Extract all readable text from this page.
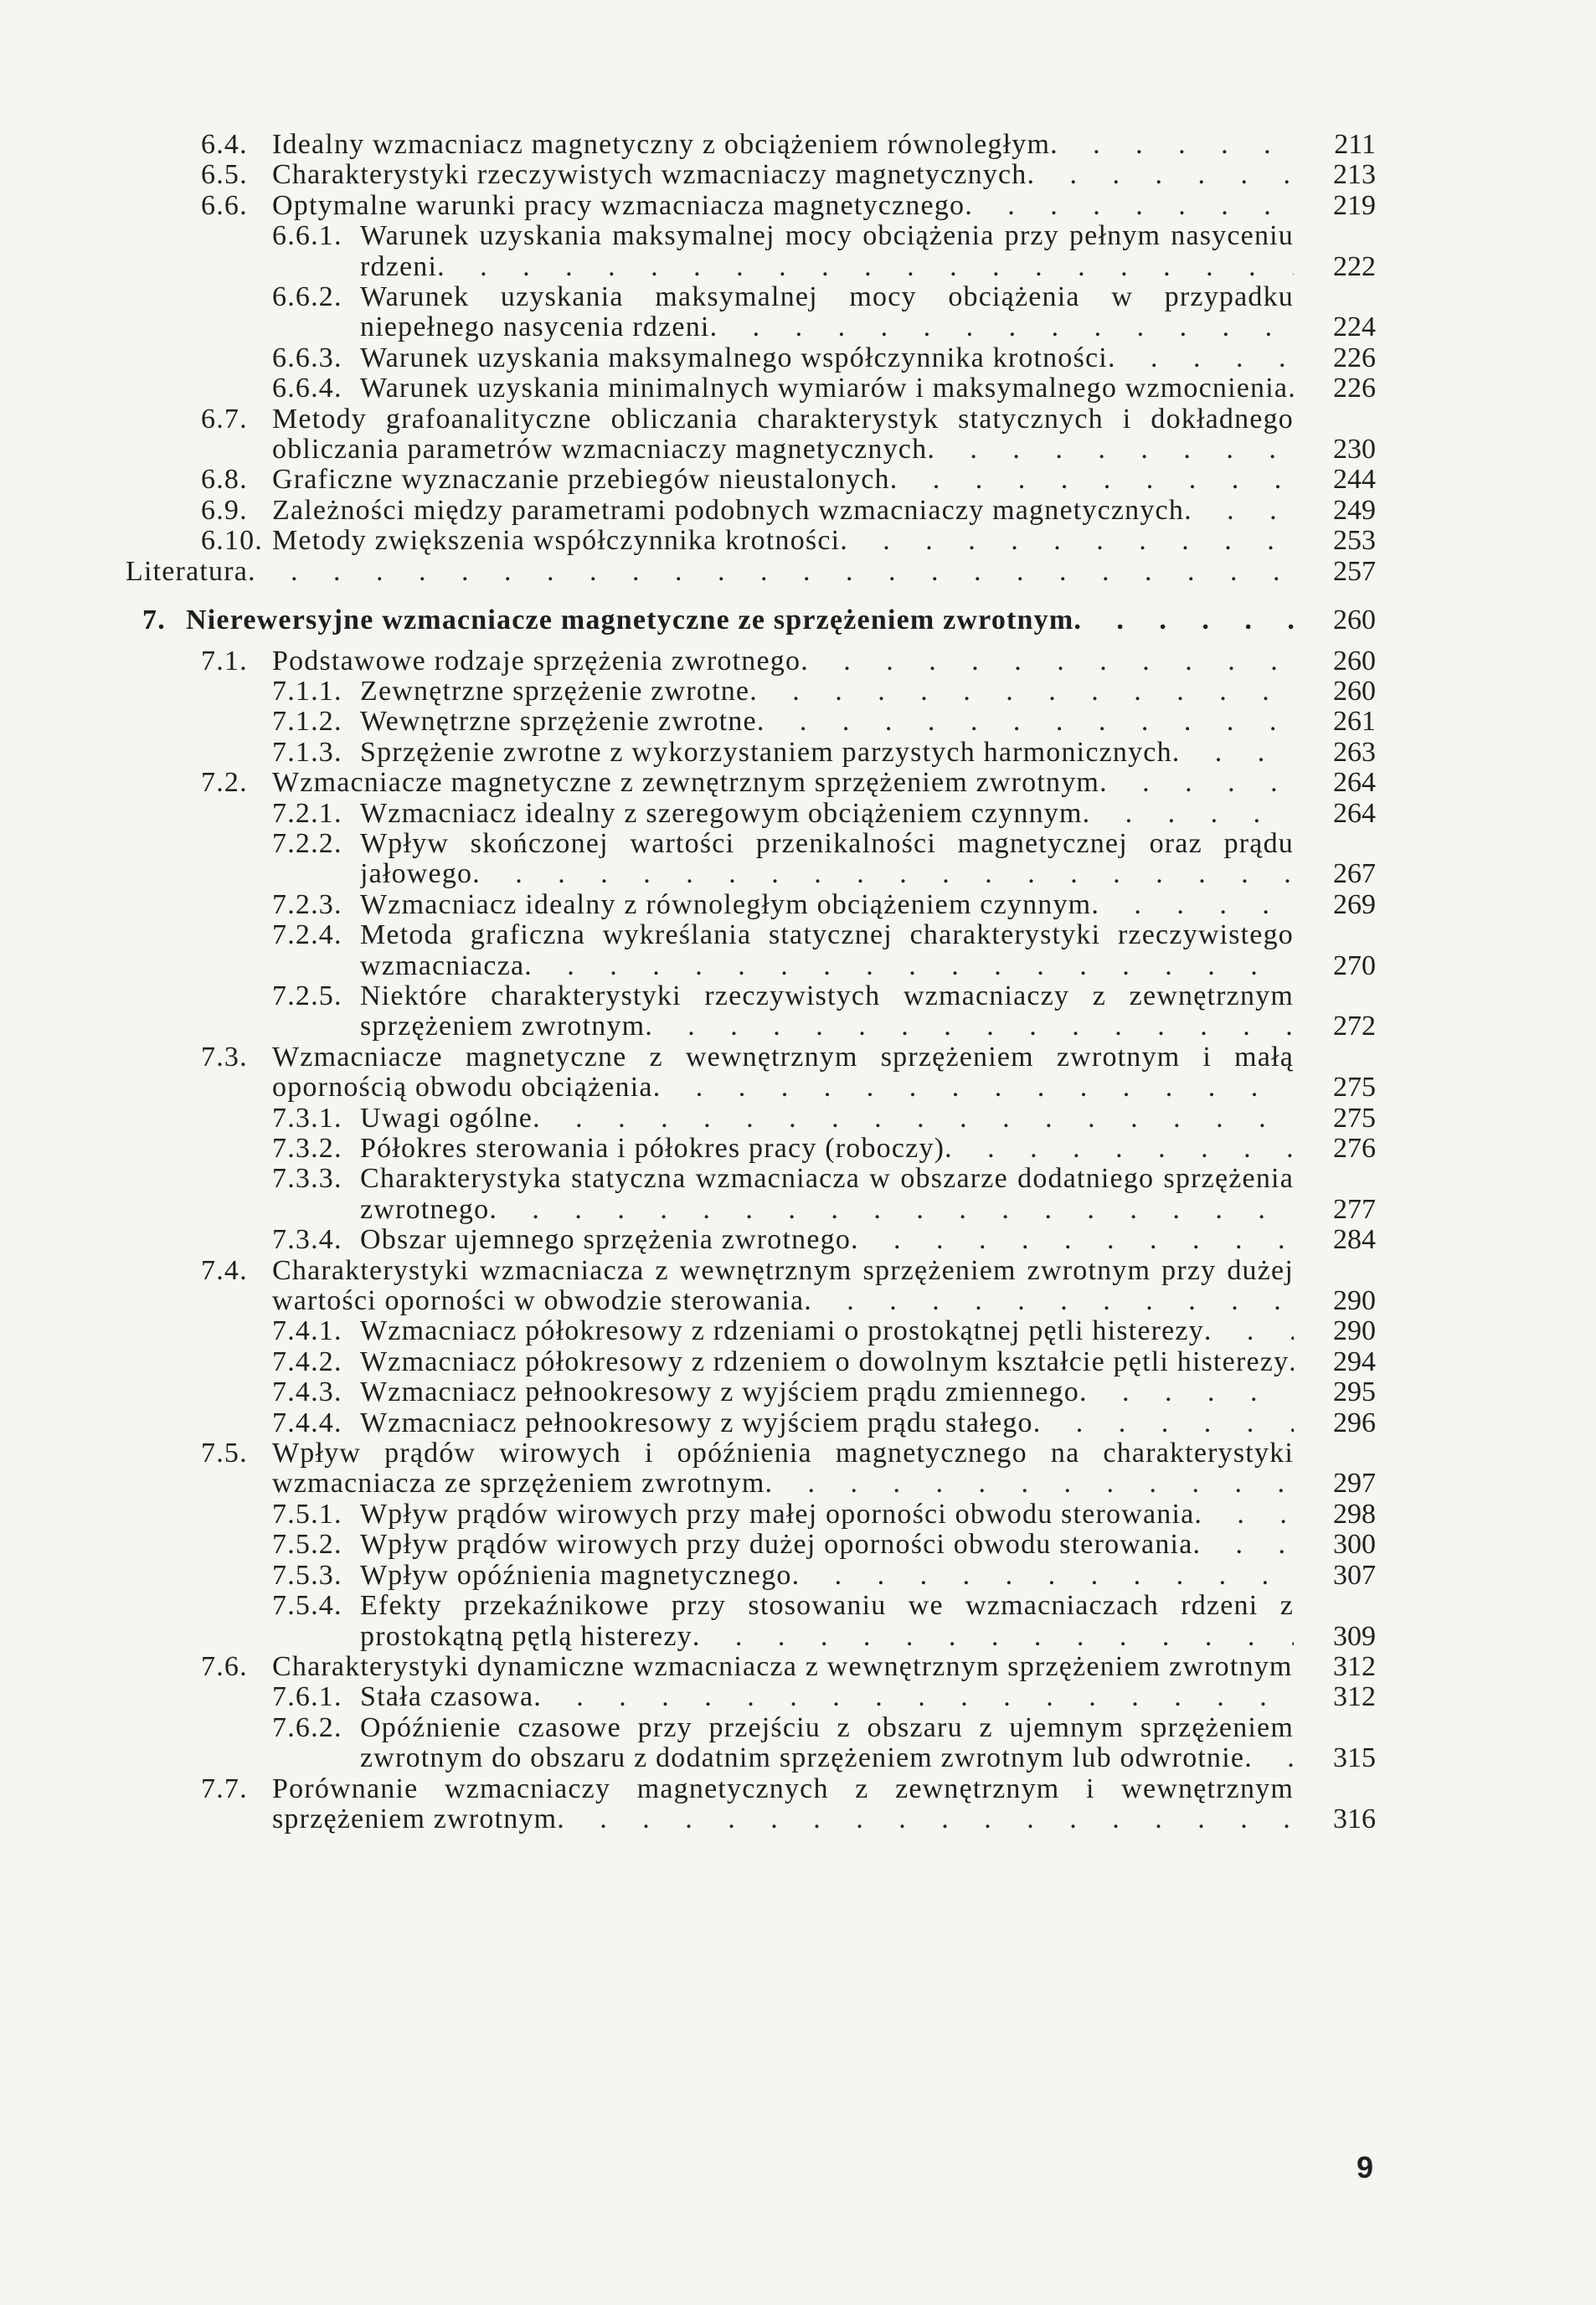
6.4. Idealny wzmacniacz magnetyczny z obciążeniem równoległym	211
6.5. Charakterystyki rzeczywistych wzmacniaczy magnetycznych	213
6.6. Optymalne warunki pracy wzmacniacza magnetycznego	219
6.6.1. Warunek uzyskania maksymalnej mocy obciążenia przy pełnym nasyceniu rdzeni	222
6.6.2. Warunek uzyskania maksymalnej mocy obciążenia w przypadku niepełnego nasycenia rdzeni	224
6.6.3. Warunek uzyskania maksymalnego współczynnika krotności	226
6.6.4. Warunek uzyskania minimalnych wymiarów i maksymalnego wzmocnienia 226
6.7. Metody grafoanalityczne obliczania charakterystyk statycznych i dokładnego obliczania parametrów wzmacniaczy magnetycznych	230
6.8. Graficzne wyznaczanie przebiegów nieustalonych	244
6.9. Zależności między parametrami podobnych wzmacniaczy magnetycznych	249
6.10. Metody zwiększenia współczynnika krotności	253
Literatura	257
7. Nierewersyjne wzmacniacze magnetyczne ze sprzężeniem zwrotnym	260
7.1. Podstawowe rodzaje sprzężenia zwrotnego	260
7.1.1. Zewnętrzne sprzężenie zwrotne	260
7.1.2. Wewnętrzne sprzężenie zwrotne	261
7.1.3. Sprzężenie zwrotne z wykorzystaniem parzystych harmonicznych	263
7.2. Wzmacniacze magnetyczne z zewnętrznym sprzężeniem zwrotnym	264
7.2.1. Wzmacniacz idealny z szeregowym obciążeniem czynnym	264
7.2.2. Wpływ skończonej wartości przenikalności magnetycznej oraz prądu jałowego	267
7.2.3. Wzmacniacz idealny z równoległym obciążeniem czynnym	269
7.2.4. Metoda graficzna wykreślania statycznej charakterystyki rzeczywistego wzmacniacza	270
7.2.5. Niektóre charakterystyki rzeczywistych wzmacniaczy z zewnętrznym sprzężeniem zwrotnym	272
7.3. Wzmacniacze magnetyczne z wewnętrznym sprzężeniem zwrotnym i małą opornością obwodu obciążenia	275
7.3.1. Uwagi ogólne	275
7.3.2. Półokres sterowania i półokres pracy (roboczy)	276
7.3.3. Charakterystyka statyczna wzmacniacza w obszarze dodatniego sprzężenia zwrotnego	277
7.3.4. Obszar ujemnego sprzężenia zwrotnego	284
7.4. Charakterystyki wzmacniacza z wewnętrznym sprzężeniem zwrotnym przy dużej wartości oporności w obwodzie sterowania	290
7.4.1. Wzmacniacz półokresowy z rdzeniami o prostokątnej pętli histerezy	290
7.4.2. Wzmacniacz półokresowy z rdzeniem o dowolnym kształcie pętli histerezy 294
7.4.3. Wzmacniacz pełnookresowy z wyjściem prądu zmiennego	295
7.4.4. Wzmacniacz pełnookresowy z wyjściem prądu stałego	296
7.5. Wpływ prądów wirowych i opóźnienia magnetycznego na charakterystyki wzmacniacza ze sprzężeniem zwrotnym	297
7.5.1. Wpływ prądów wirowych przy małej oporności obwodu sterowania	298
7.5.2. Wpływ prądów wirowych przy dużej oporności obwodu sterowania	300
7.5.3. Wpływ opóźnienia magnetycznego	307
7.5.4. Efekty przekaźnikowe przy stosowaniu we wzmacniaczach rdzeni z prostokątną pętlą histerezy	309
7.6. Charakterystyki dynamiczne wzmacniacza z wewnętrznym sprzężeniem zwrotnym 312
7.6.1. Stała czasowa	312
7.6.2. Opóźnienie czasowe przy przejściu z obszaru z ujemnym sprzężeniem zwrotnym do obszaru z dodatnim sprzężeniem zwrotnym lub odwrotnie	315
7.7. Porównanie wzmacniaczy magnetycznych z zewnętrznym i wewnętrznym sprzężeniem zwrotnym	316
9
